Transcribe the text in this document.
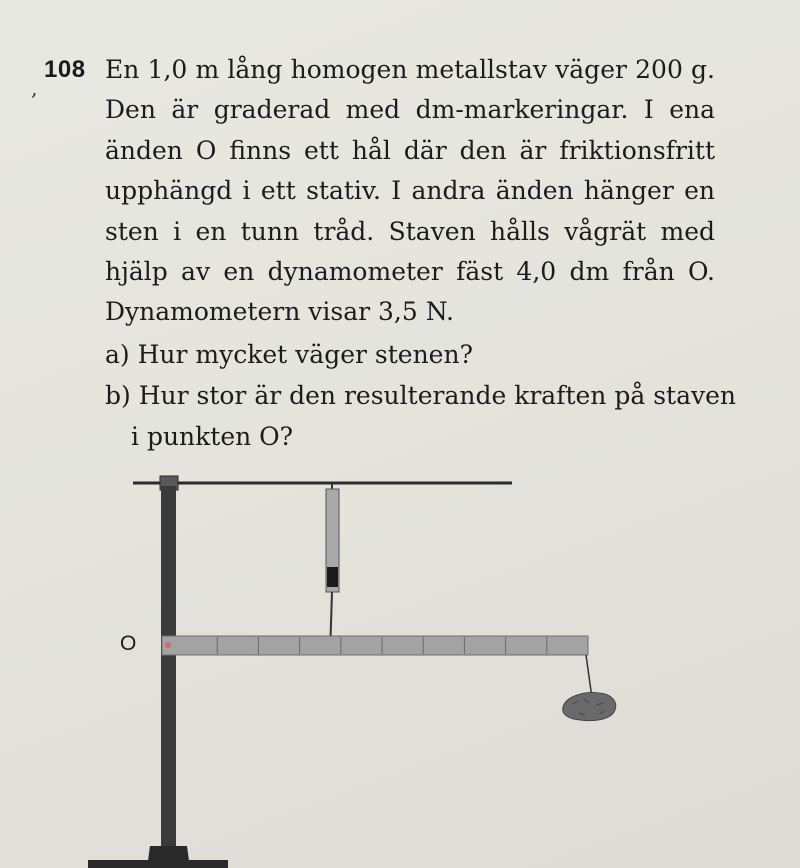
‚
108 En 1,0 m lång homogen metallstav väger 200 g.
Den är graderad med dm-markeringar. I ena
änden O finns ett hål där den är friktionsfritt
upphängd i ett stativ. I andra änden hänger en
sten i en tunn tråd. Staven hålls vågrät med
hjälp av en dynamometer fäst 4,0 dm från O.
Dynamometern visar 3,5 N.
a) Hur mycket väger stenen?
b) Hur stor är den resulterande kraften på staven
i punkten O?
O
